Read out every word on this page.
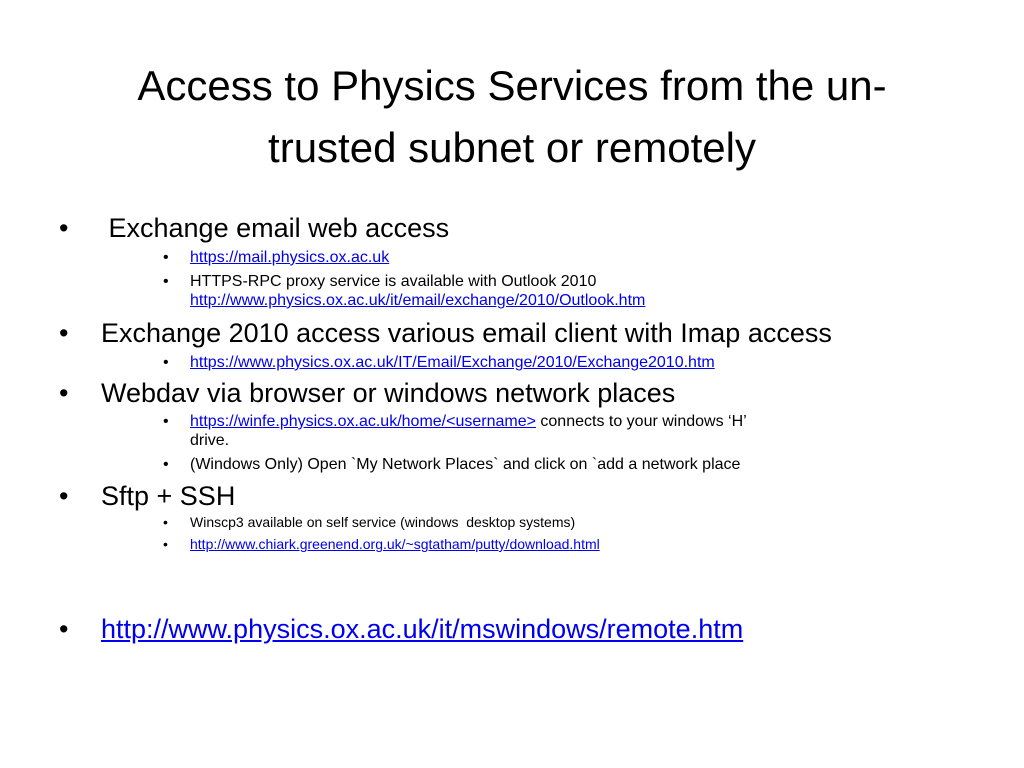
Access to Physics Services from the un-
trusted subnet or remotely
• Exchange email web access
• https://mail.physics.ox.ac.uk
• HTTPS-RPC proxy service is available with Outlook 2010
http://www.physics.ox.ac.uk/it/email/exchange/2010/Outlook.htm
• Exchange 2010 access various email client with Imap access
• https://www.physics.ox.ac.uk/IT/Email/Exchange/2010/Exchange2010.htm
• Webdav via browser or windows network places
• https://winfe.physics.ox.ac.uk/home/<username> connects to your windows ‘H’
drive.
• (Windows Only) Open `My Network Places` and click on `add a network place
• Sftp + SSH
• Winscp3 available on self service (windows  desktop systems)
• http://www.chiark.greenend.org.uk/~sgtatham/putty/download.html
• http://www.physics.ox.ac.uk/it/mswindows/remote.htm
